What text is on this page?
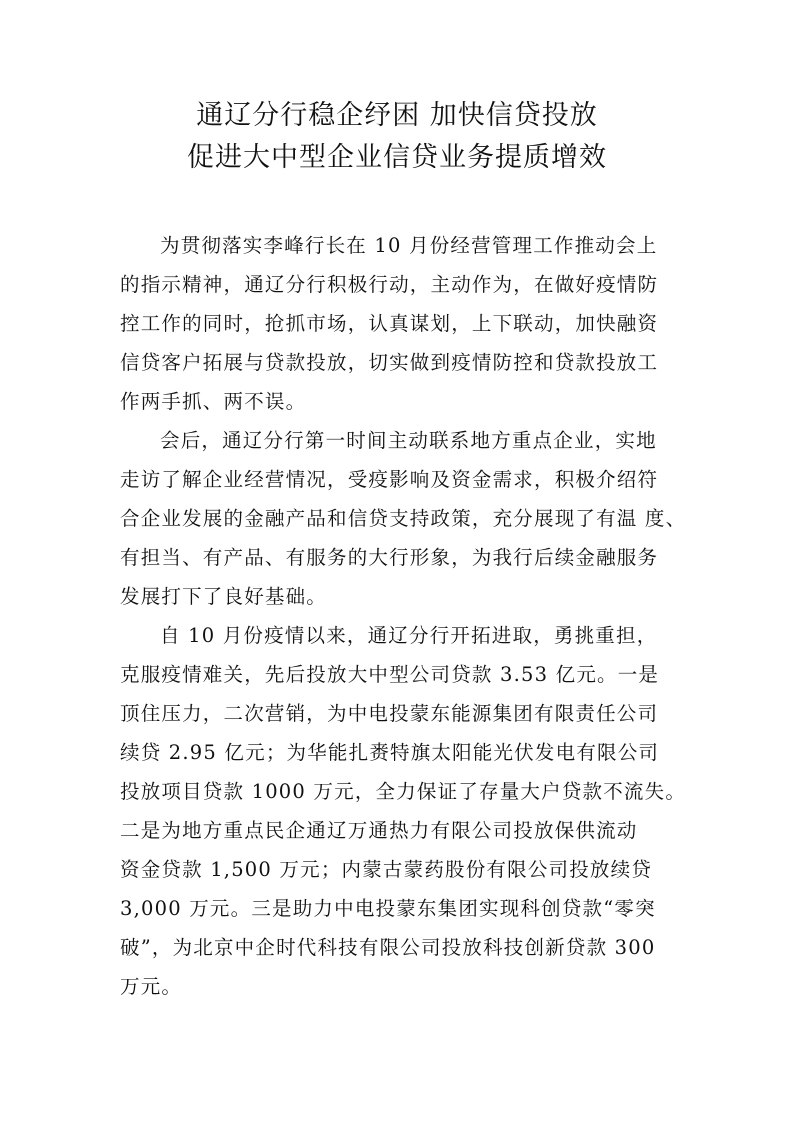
通辽分行稳企纾困 加快信贷投放
促进大中型企业信贷业务提质增效
为贯彻落实李峰行长在 10 月份经营管理工作推动会上
的指示精神，通辽分行积极行动，主动作为，在做好疫情防
控工作的同时，抢抓市场，认真谋划，上下联动，加快融资
信贷客户拓展与贷款投放，切实做到疫情防控和贷款投放工
作两手抓、两不误。
会后，通辽分行第一时间主动联系地方重点企业，实地
走访了解企业经营情况，受疫影响及资金需求，积极介绍符
合企业发展的金融产品和信贷支持政策，充分展现了有温 度、
有担当、有产品、有服务的大行形象，为我行后续金融服务
发展打下了良好基础。
自 10 月份疫情以来，通辽分行开拓进取，勇挑重担，
克服疫情难关，先后投放大中型公司贷款 3.53 亿元。一是
顶住压力，二次营销，为中电投蒙东能源集团有限责任公司
续贷 2.95 亿元；为华能扎赉特旗太阳能光伏发电有限公司
投放项目贷款 1000 万元，全力保证了存量大户贷款不流失。
二是为地方重点民企通辽万通热力有限公司投放保供流动
资金贷款 1,500 万元；内蒙古蒙药股份有限公司投放续贷
3,000 万元。三是助力中电投蒙东集团实现科创贷款“零突
破”，为北京中企时代科技有限公司投放科技创新贷款 300
万元。
